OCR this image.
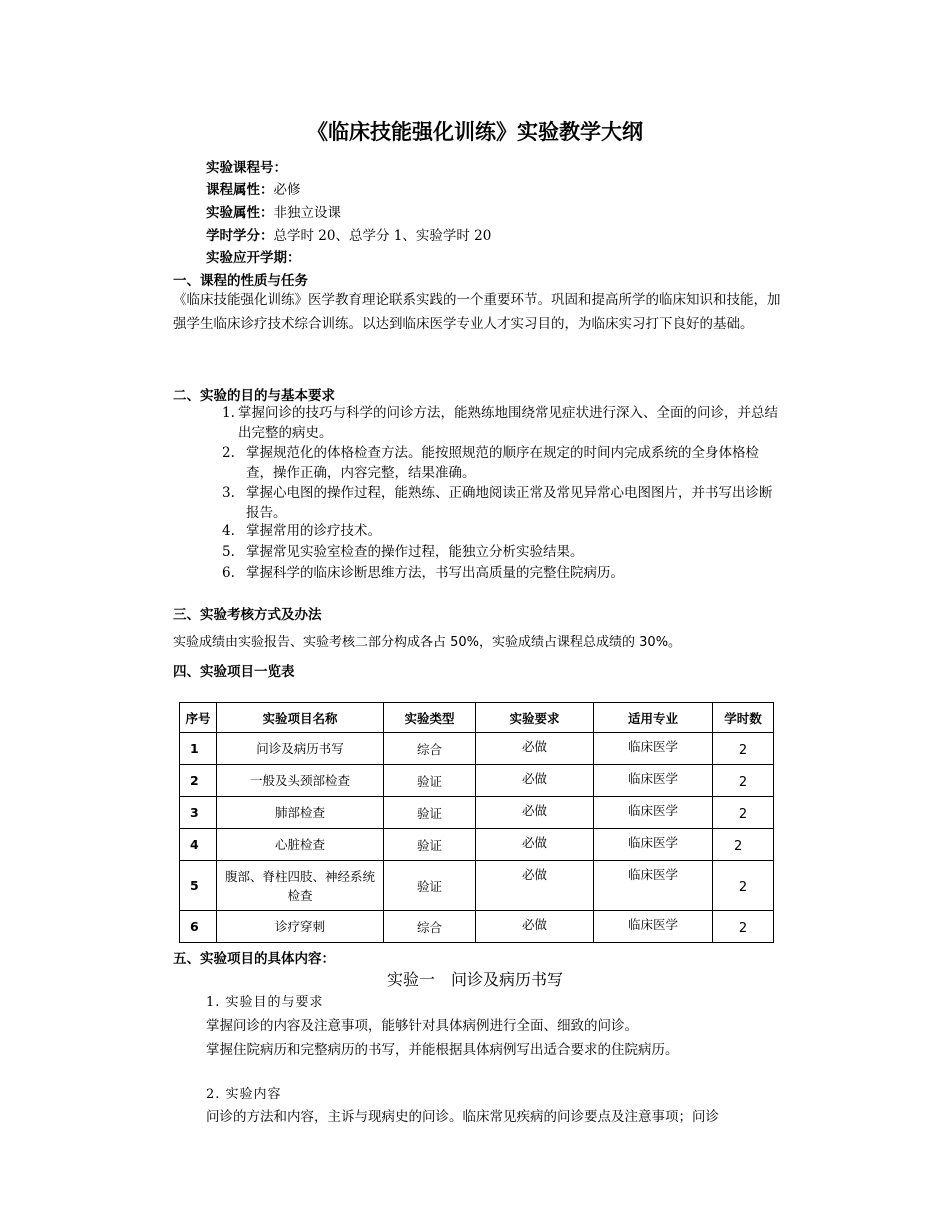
《临床技能强化训练》实验教学大纲
实验课程号：
课程属性：必修
实验属性：非独立设课
学时学分：总学时 20、总学分 1、实验学时 20
实验应开学期：
一、课程的性质与任务
《临床技能强化训练》医学教育理论联系实践的一个重要环节。巩固和提高所学的临床知识和技能，加强学生临床诊疗技术综合训练。以达到临床医学专业人才实习目的，为临床实习打下良好的基础。
二、实验的目的与基本要求
1. 掌握问诊的技巧与科学的问诊方法，能熟练地围绕常见症状进行深入、全面的问诊，并总结出完整的病史。
2. 掌握规范化的体格检查方法。能按照规范的顺序在规定的时间内完成系统的全身体格检查，操作正确，内容完整，结果准确。
3. 掌握心电图的操作过程，能熟练、正确地阅读正常及常见异常心电图图片，并书写出诊断报告。
4. 掌握常用的诊疗技术。
5. 掌握常见实验室检查的操作过程，能独立分析实验结果。
6. 掌握科学的临床诊断思维方法，书写出高质量的完整住院病历。
三、实验考核方式及办法
实验成绩由实验报告、实验考核二部分构成各占 50%，实验成绩占课程总成绩的 30%。
四、实验项目一览表
序号	实验项目名称	实验类型	实验要求	适用专业	学时数
1	问诊及病历书写	综合	必做	临床医学	2
2	一般及头颈部检查	验证	必做	临床医学	2
3	肺部检查	验证	必做	临床医学	2
4	心脏检查	验证	必做	临床医学	2
5	腹部、脊柱四肢、神经系统检查	验证	必做	临床医学	2
6	诊疗穿刺	综合	必做	临床医学	2
五、实验项目的具体内容：
实验一　问诊及病历书写
1. 实验目的与要求
掌握问诊的内容及注意事项，能够针对具体病例进行全面、细致的问诊。
掌握住院病历和完整病历的书写，并能根据具体病例写出适合要求的住院病历。
2. 实验内容
问诊的方法和内容，主诉与现病史的问诊。临床常见疾病的问诊要点及注意事项；问诊
